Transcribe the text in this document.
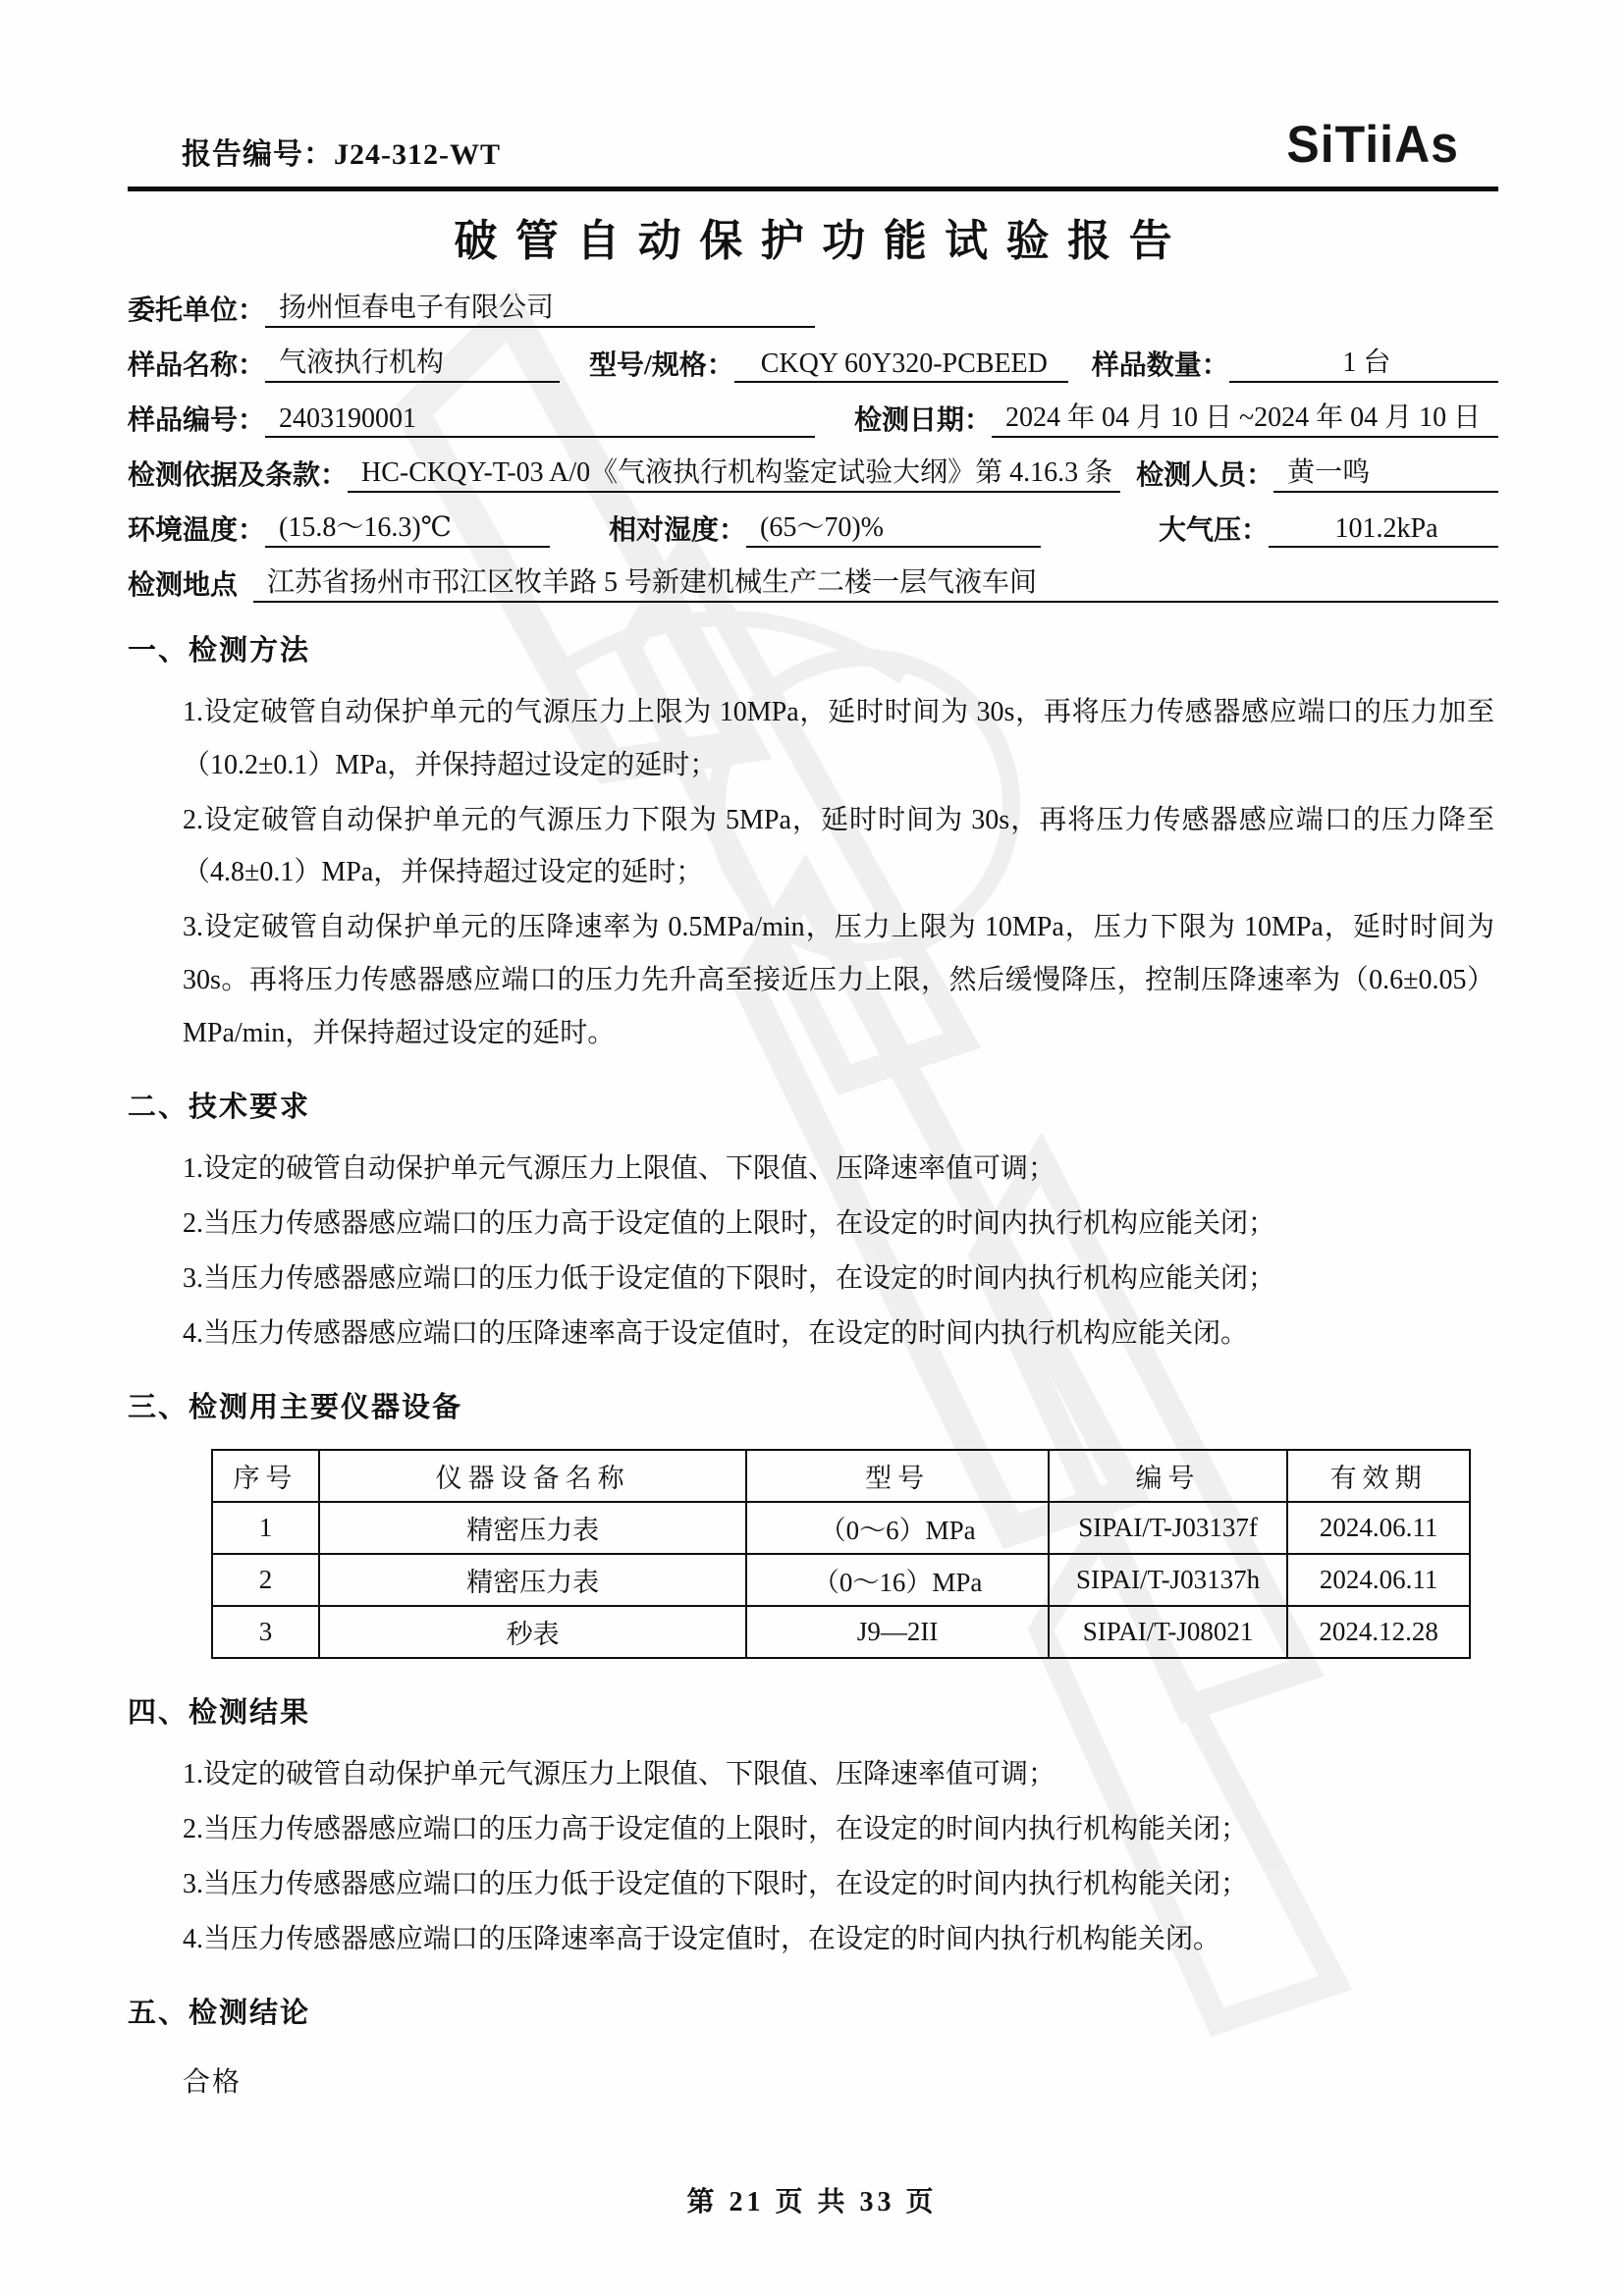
报告编号：J24-312-WT	SiTiiAs
破管自动保护功能试验报告
委托单位： 扬州恒春电子有限公司
样品名称： 气液执行机构	型号/规格： CKQY 60Y320-PCBEED	样品数量：	1 台
样品编号： 2403190001	检测日期： 2024 年 04 月 10 日 ~2024 年 04 月 10 日
检测依据及条款： HC-CKQY-T-03 A/0《气液执行机构鉴定试验大纲》第 4.16.3 条 检测人员： 黄一鸣
环境温度： (15.8～16.3)℃	相对湿度： (65～70)%	大气压：	101.2kPa
检测地点	江苏省扬州市邗江区牧羊路 5 号新建机械生产二楼一层气液车间
一、检测方法

1.设定破管自动保护单元的气源压力上限为 10MPa，延时时间为 30s，再将压力传感器感应端口的压力加至（10.2±0.1）MPa，并保持超过设定的延时；

2.设定破管自动保护单元的气源压力下限为 5MPa，延时时间为 30s，再将压力传感器感应端口的压力降至（4.8±0.1）MPa，并保持超过设定的延时；

3.设定破管自动保护单元的压降速率为 0.5MPa/min，压力上限为 10MPa，压力下限为 10MPa，延时时间为 30s。再将压力传感器感应端口的压力先升高至接近压力上限，然后缓慢降压，控制压降速率为（0.6±0.05）MPa/min，并保持超过设定的延时。

二、技术要求

1.设定的破管自动保护单元气源压力上限值、下限值、压降速率值可调；

2.当压力传感器感应端口的压力高于设定值的上限时，在设定的时间内执行机构应能关闭；

3.当压力传感器感应端口的压力低于设定值的下限时，在设定的时间内执行机构应能关闭；

4.当压力传感器感应端口的压降速率高于设定值时，在设定的时间内执行机构应能关闭。

三、检测用主要仪器设备
序号	仪器设备名称	型号	编号	有效期
1	精密压力表	（0～6）MPa	SIPAI/T-J03137f	2024.06.11
2	精密压力表	（0～16）MPa	SIPAI/T-J03137h	2024.06.11
3	秒表	J9—2II	SIPAI/T-J08021	2024.12.28
四、检测结果

1.设定的破管自动保护单元气源压力上限值、下限值、压降速率值可调；

2.当压力传感器感应端口的压力高于设定值的上限时，在设定的时间内执行机构能关闭；

3.当压力传感器感应端口的压力低于设定值的下限时，在设定的时间内执行机构能关闭；

4.当压力传感器感应端口的压降速率高于设定值时，在设定的时间内执行机构能关闭。

五、检测结论
合格
第 21 页 共 33 页
